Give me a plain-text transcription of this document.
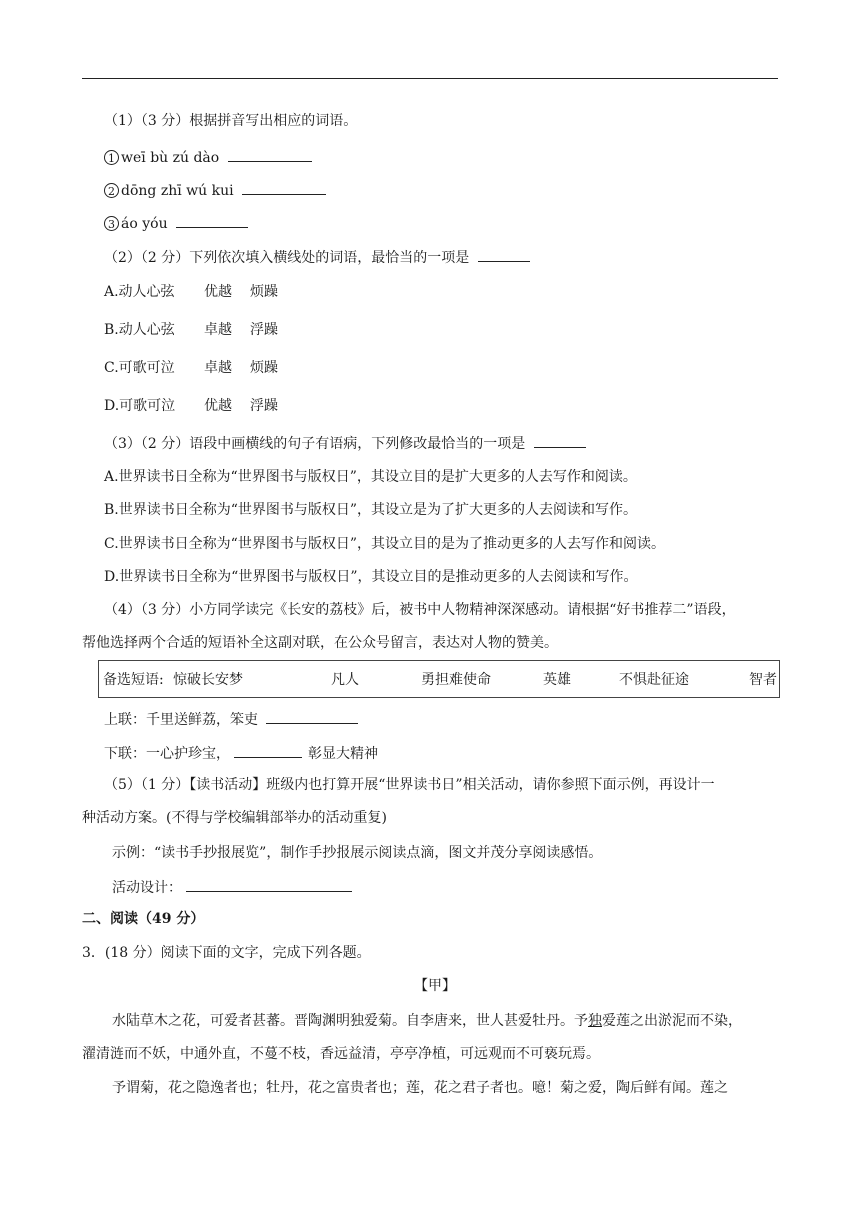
（1）（3 分）根据拼音写出相应的词语。
1 weī bù zú dào
2 dōng zhī wú kui
3 áo yóu
（2）（2 分）下列依次填入横线处的词语，最恰当的一项是
A.动人心弦 优越 烦躁
B.动人心弦 卓越 浮躁
C.可歌可泣 卓越 烦躁
D.可歌可泣 优越 浮躁
（3）（2 分）语段中画横线的句子有语病，下列修改最恰当的一项是
A.世界读书日全称为“世界图书与版权日”，其设立目的是扩大更多的人去写作和阅读。
B.世界读书日全称为“世界图书与版权日”，其设立是为了扩大更多的人去阅读和写作。
C.世界读书日全称为“世界图书与版权日”，其设立目的是为了推动更多的人去写作和阅读。
D.世界读书日全称为“世界图书与版权日”，其设立目的是推动更多的人去阅读和写作。
（4）（3 分）小方同学读完《长安的荔枝》后，被书中人物精神深深感动。请根据“好书推荐二”语段，
帮他选择两个合适的短语补全这副对联，在公众号留言，表达对人物的赞美。
备选短语: 惊破长安梦	凡人	勇担难使命	英雄	不惧赴征途	智者
上联：千里送鲜荔，笨吏
下联：一心护珍宝，	彰显大精神
（5）（1 分）【读书活动】班级内也打算开展“世界读书日”相关活动，请你参照下面示例，再设计一
种活动方案。(不得与学校编辑部举办的活动重复)
示例：“读书手抄报展览”，制作手抄报展示阅读点滴，图文并茂分享阅读感悟。
活动设计：
二、阅读（49 分）
3．(18 分）阅读下面的文字，完成下列各题。
【甲】
水陆草木之花，可爱者甚蕃。晋陶渊明独爱菊。自李唐来，世人甚爱牡丹。予独爱莲之出淤泥而不染，
濯清涟而不妖，中通外直，不蔓不枝，香远益清，亭亭净植，可远观而不可亵玩焉。
予谓菊，花之隐逸者也；牡丹，花之富贵者也；莲，花之君子者也。噫！菊之爱，陶后鲜有闻。莲之
